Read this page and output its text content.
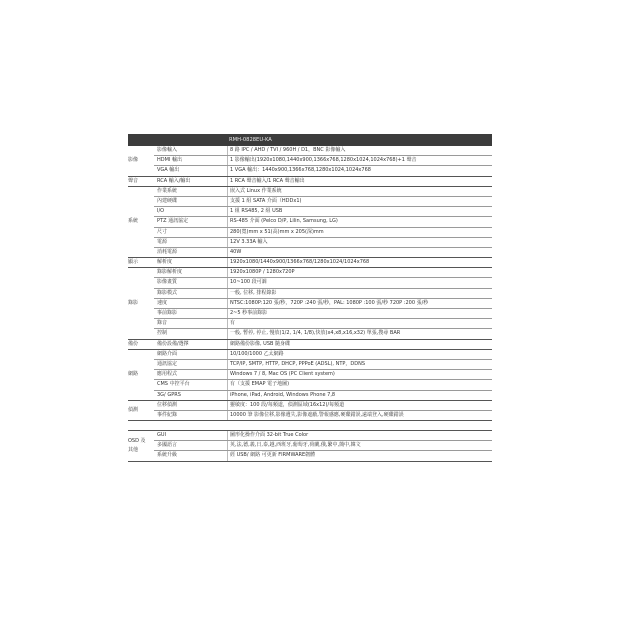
RMH-0828EU-KA
影像
影像輸入	8 路 IPC / AHD / TVI / 960H / D1，BNC 影像輸入
HDMI 輸出	1 影像輸出(1920x1080,1440x900,1366x768,1280x1024,1024x768)+1 聲音
VGA 輸出	1 VGA 輸出：1440x900,1366x768,1280x1024,1024x768
聲音	RCA 輸入/輸出	1 RCA 聲音輸入/1 RCA 聲音輸出
系統
作業系統	嵌入式 Linux 作業系統
內建硬碟	支援 1 組 SATA 介面（HDDx1)
I/O	1 組 RS485, 2 組 USB
PTZ 通訊協定	RS-485 介面 (Pelco D/P, Lilin, Samsung, LG)
尺寸	280(寬)mm x 51(高)mm x 205(深)mm
電源	12V 3.33A 輸入
消耗電源	40W
顯示	解析度	1920x1080/1440x900/1366x768/1280x1024/1024x768
錄影
錄影解析度	1920x1080P / 1280x720P
影像畫質	10~100 段可調
錄影模式	一般, 位移, 排程錄影
速度	NTSC:1080P:120 張/秒，720P :240 張/秒，PAL: 1080P :100 張/秒 720P :200 張/秒
事前錄影	2~5 秒事前錄影
錄音	有
控制	一般, 暫停, 停止, 慢放(1/2, 1/4, 1/8),快放(x4,x8,x16,x32) 單張,搜尋 BAR
備份	備份設備/選擇	網路備份影像, USB 隨身碟
網路
網路介面	10/100/1000 乙太網路
通訊協定	TCP/IP, SMTP, HTTP, DHCP, PPPoE (ADSL), NTP，DDNS
應用程式	Windows 7 / 8, Mac OS (PC Client system)
CMS 中控平台	有（支援 EMAP 電子地圖)
3G/ GPRS	iPhone, iPad, Android, Windows Phone 7,8
偵測
位移偵測	靈敏度：100 段/每頻道，偵測區域(16x12)/每頻道
事件紀錄	10000 筆 影像位移,影像遺失,影像遮蔽,警報感應,硬碟錯誤,遠端登入,硬碟錯誤
OSD 及
其他
GUI	圖形化操作介面 32-bit True Color
多國語言	英,法,德,義,日,泰,越,西班牙,葡萄牙,荷蘭,俄,繁中,簡中,韓文
系統升級	經 USB/ 網路 可更新 FIRMWARE韌體
